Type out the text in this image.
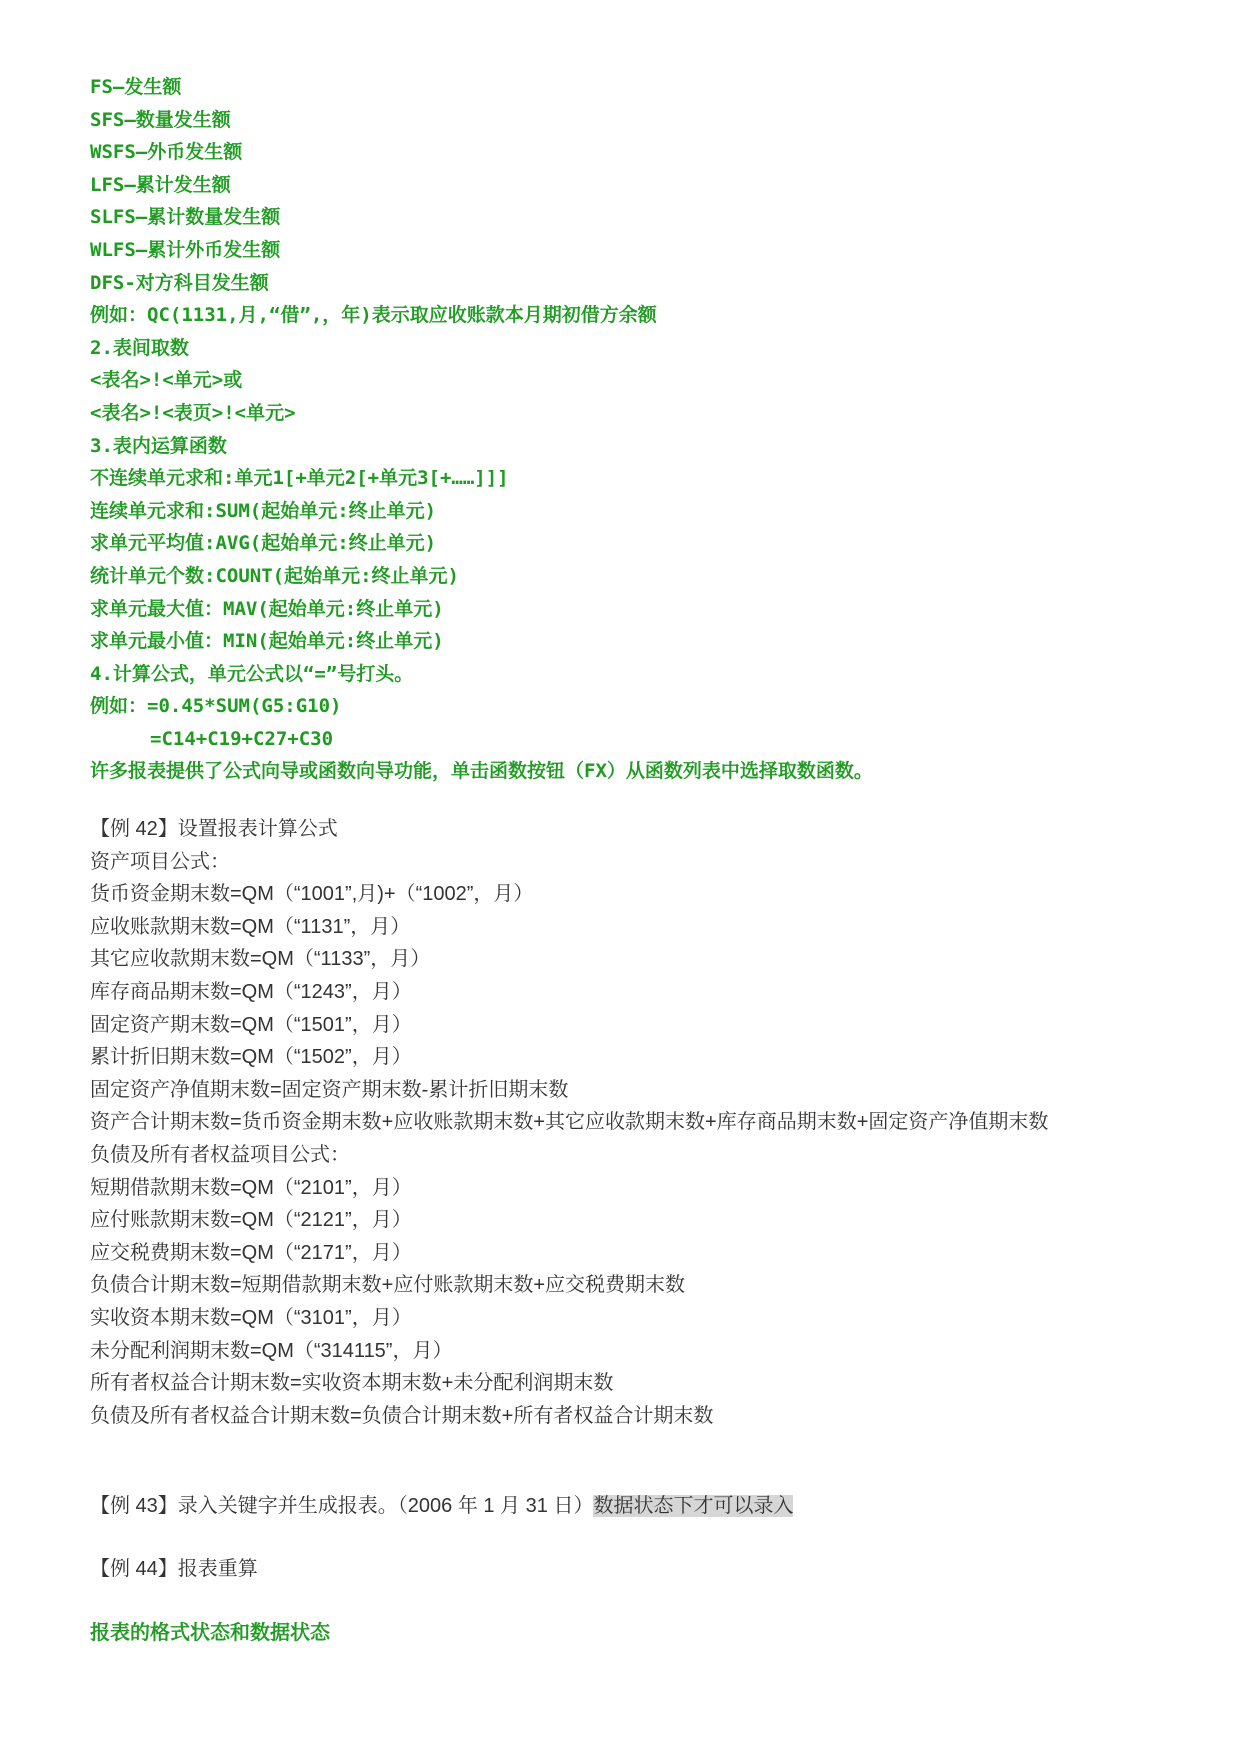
FS—发生额
SFS—数量发生额
WSFS—外币发生额
LFS—累计发生额
SLFS—累计数量发生额
WLFS—累计外币发生额
DFS-对方科目发生额
例如：QC(1131,月,“借”,，年)表示取应收账款本月期初借方余额
2.表间取数
<表名>!<单元>或
<表名>!<表页>!<单元>
3.表内运算函数
不连续单元求和:单元1[+单元2[+单元3[+……]]]
连续单元求和:SUM(起始单元:终止单元)
求单元平均值:AVG(起始单元:终止单元)
统计单元个数:COUNT(起始单元:终止单元)
求单元最大值：MAV(起始单元:终止单元)
求单元最小值：MIN(起始单元:终止单元)
4.计算公式，单元公式以“=”号打头。
例如：=0.45*SUM(G5:G10)
=C14+C19+C27+C30
许多报表提供了公式向导或函数向导功能，单击函数按钮（FX）从函数列表中选择取数函数。
【例 42】设置报表计算公式
资产项目公式：
货币资金期末数=QM（“1001”,月)+（“1002”，月）
应收账款期末数=QM（“1131”，月）
其它应收款期末数=QM（“1133”，月）
库存商品期末数=QM（“1243”，月）
固定资产期末数=QM（“1501”，月）
累计折旧期末数=QM（“1502”，月）
固定资产净值期末数=固定资产期末数-累计折旧期末数
资产合计期末数=货币资金期末数+应收账款期末数+其它应收款期末数+库存商品期末数+固定资产净值期末数
负债及所有者权益项目公式：
短期借款期末数=QM（“2101”，月）
应付账款期末数=QM（“2121”，月）
应交税费期末数=QM（“2171”，月）
负债合计期末数=短期借款期末数+应付账款期末数+应交税费期末数
实收资本期末数=QM（“3101”，月）
未分配利润期末数=QM（“314115”，月）
所有者权益合计期末数=实收资本期末数+未分配利润期末数
负债及所有者权益合计期末数=负债合计期末数+所有者权益合计期末数
【例 43】录入关键字并生成报表。（2006 年 1 月 31 日）数据状态下才可以录入
【例 44】报表重算
报表的格式状态和数据状态
